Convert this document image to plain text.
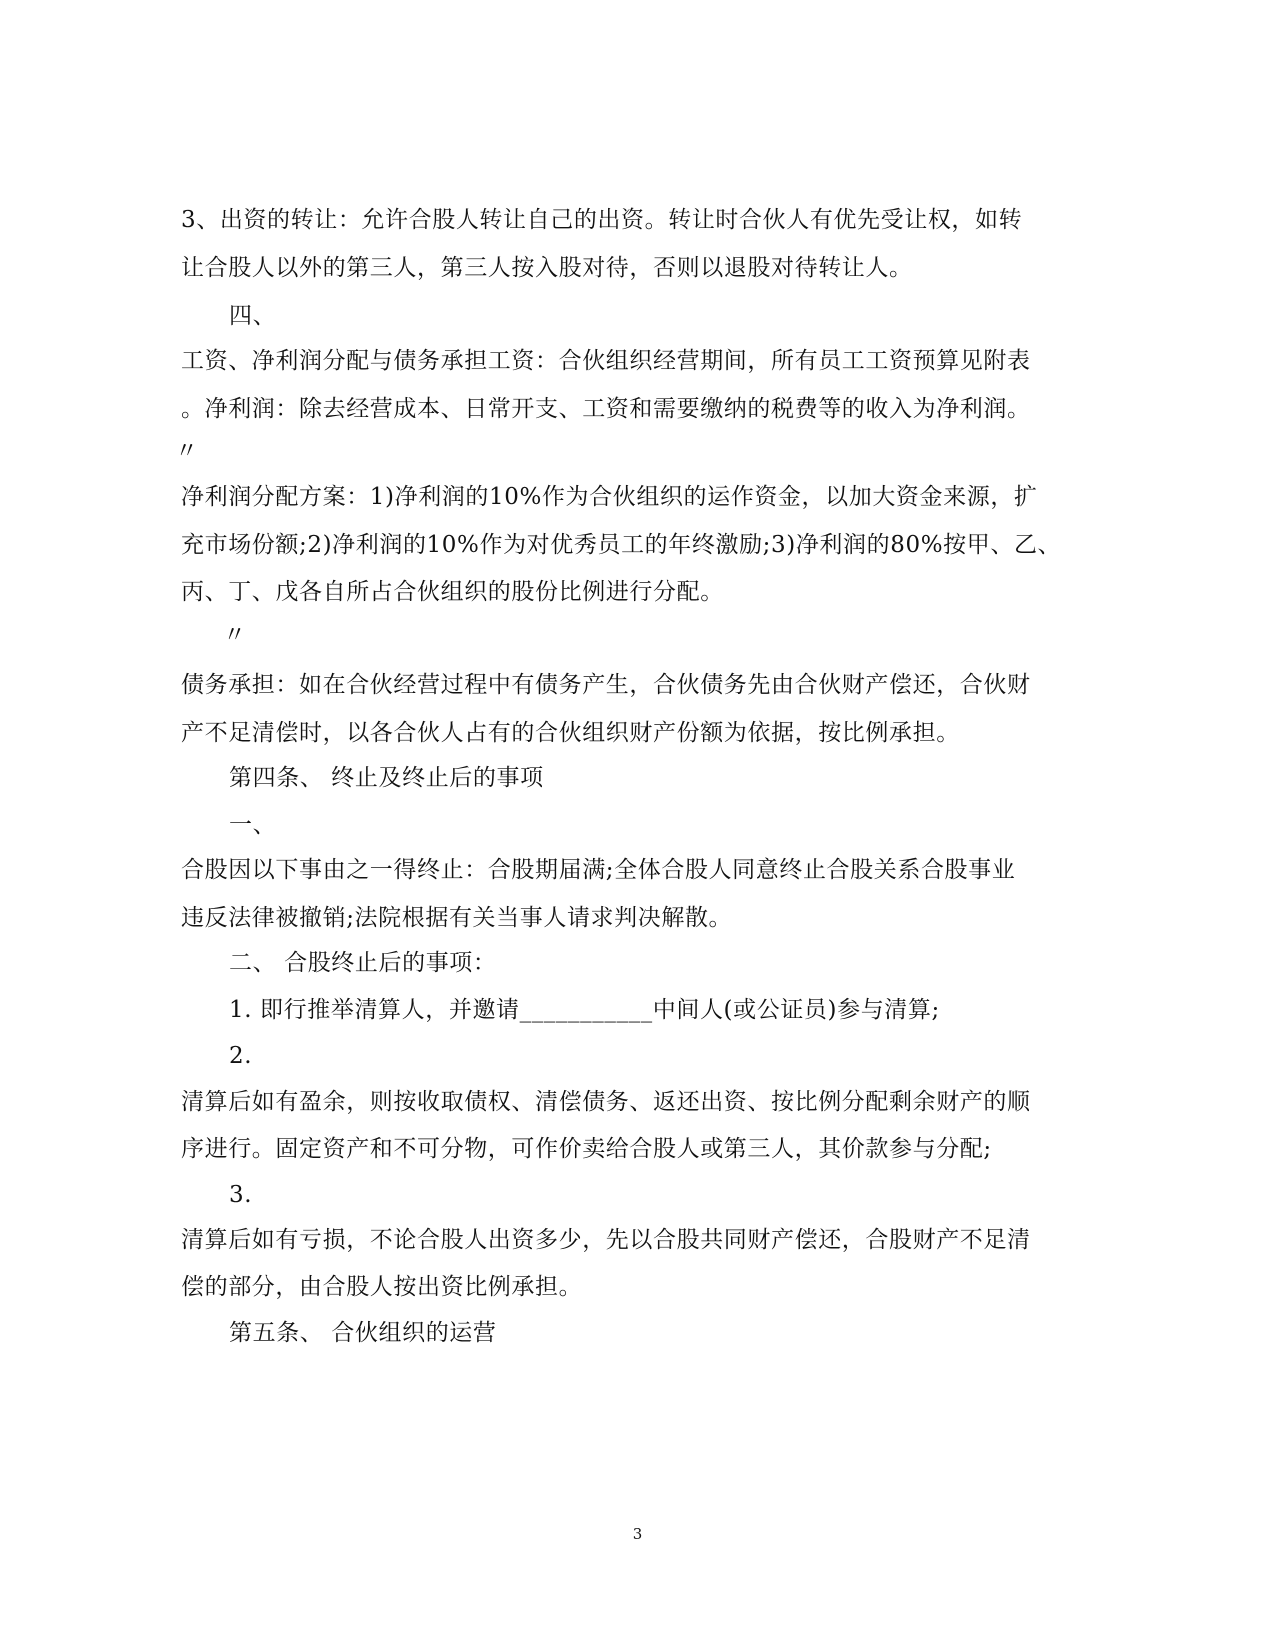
3、出资的转让：允许合股人转让自己的出资。转让时合伙人有优先受让权，如转
让合股人以外的第三人，第三人按入股对待，否则以退股对待转让人。
四、
工资、净利润分配与债务承担工资：合伙组织经营期间，所有员工工资预算见附表
。净利润：除去经营成本、日常开支、工资和需要缴纳的税费等的收入为净利润。
〃
净利润分配方案：1)净利润的10%作为合伙组织的运作资金，以加大资金来源，扩
充市场份额;2)净利润的10%作为对优秀员工的年终激励;3)净利润的80%按甲、乙、
丙、丁、戊各自所占合伙组织的股份比例进行分配。
〃
债务承担：如在合伙经营过程中有债务产生，合伙债务先由合伙财产偿还，合伙财
产不足清偿时，以各合伙人占有的合伙组织财产份额为依据，按比例承担。
第四条、 终止及终止后的事项
一、
合股因以下事由之一得终止：合股期届满;全体合股人同意终止合股关系合股事业
违反法律被撤销;法院根据有关当事人请求判决解散。
二、 合股终止后的事项：
1. 即行推举清算人，并邀请___________中间人(或公证员)参与清算;
2.
清算后如有盈余，则按收取债权、清偿债务、返还出资、按比例分配剩余财产的顺
序进行。固定资产和不可分物，可作价卖给合股人或第三人，其价款参与分配;
3.
清算后如有亏损，不论合股人出资多少，先以合股共同财产偿还，合股财产不足清
偿的部分，由合股人按出资比例承担。
第五条、 合伙组织的运营
3
